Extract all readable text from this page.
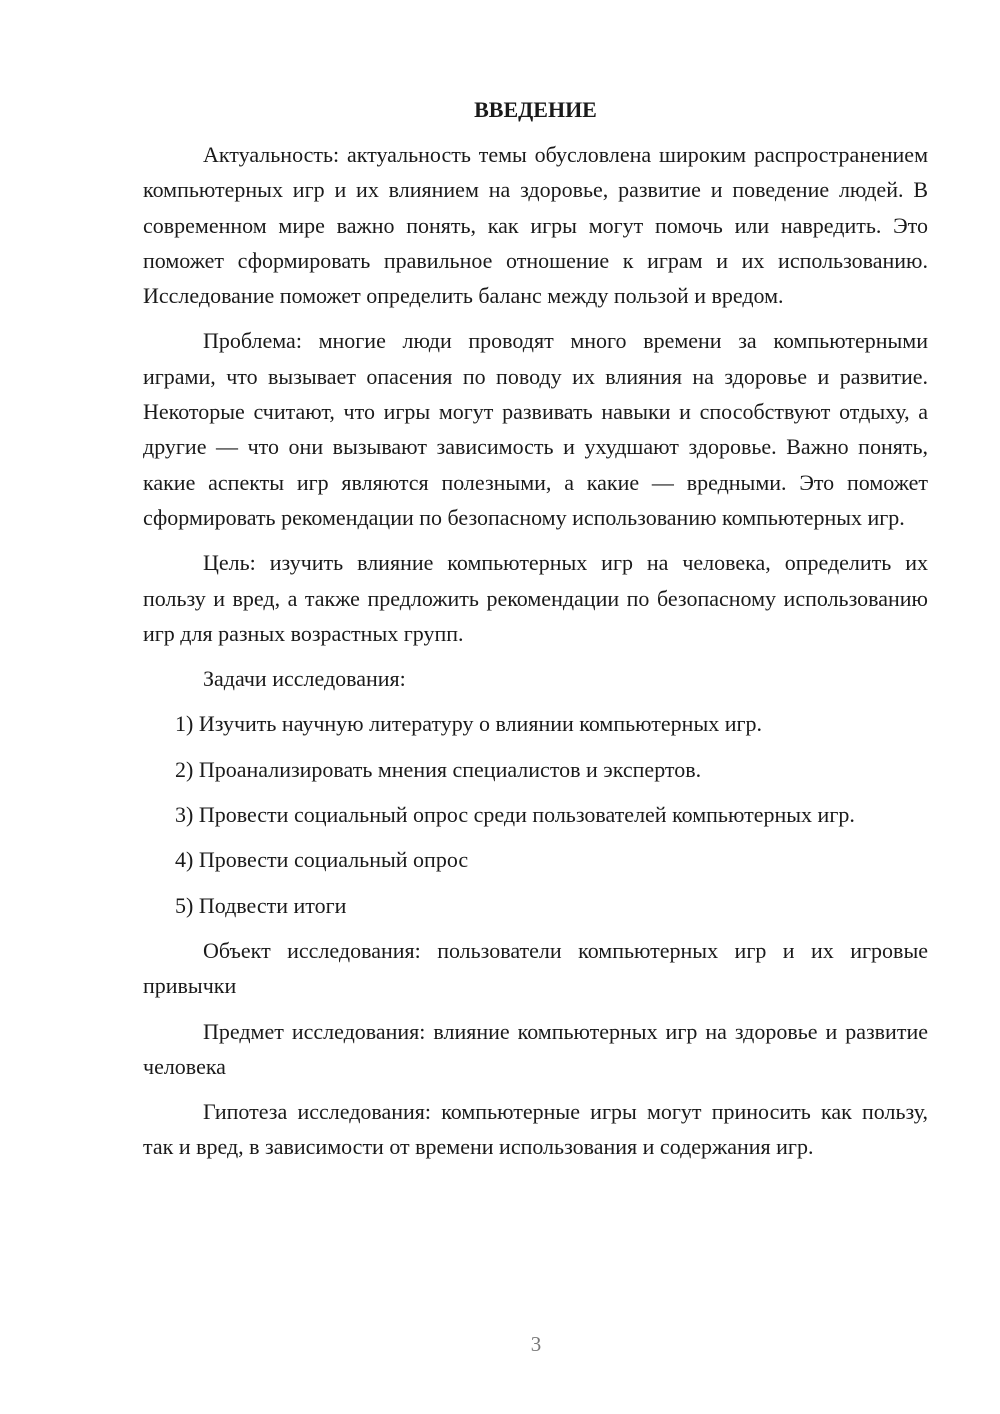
ВВЕДЕНИЕ

Актуальность: актуальность темы обусловлена широким распространением компьютерных игр и их влиянием на здоровье, развитие и поведение людей. В современном мире важно понять, как игры могут помочь или навредить. Это поможет сформировать правильное отношение к играм и их использованию. Исследование поможет определить баланс между пользой и вредом.

Проблема: многие люди проводят много времени за компьютерными играми, что вызывает опасения по поводу их влияния на здоровье и развитие. Некоторые считают, что игры могут развивать навыки и способствуют отдыху, а другие — что они вызывают зависимость и ухудшают здоровье. Важно понять, какие аспекты игр являются полезными, а какие — вредными. Это поможет сформировать рекомендации по безопасному использованию компьютерных игр.

Цель: изучить влияние компьютерных игр на человека, определить их пользу и вред, а также предложить рекомендации по безопасному использованию игр для разных возрастных групп.

Задачи исследования:

1) Изучить научную литературу о влиянии компьютерных игр.

2) Проанализировать мнения специалистов и экспертов.

3) Провести социальный опрос среди пользователей компьютерных игр.

4) Провести социальный опрос

5) Подвести итоги

Объект исследования: пользователи компьютерных игр и их игровые привычки

Предмет исследования: влияние компьютерных игр на здоровье и развитие человека

Гипотеза исследования: компьютерные игры могут приносить как пользу, так и вред, в зависимости от времени использования и содержания игр.

3
